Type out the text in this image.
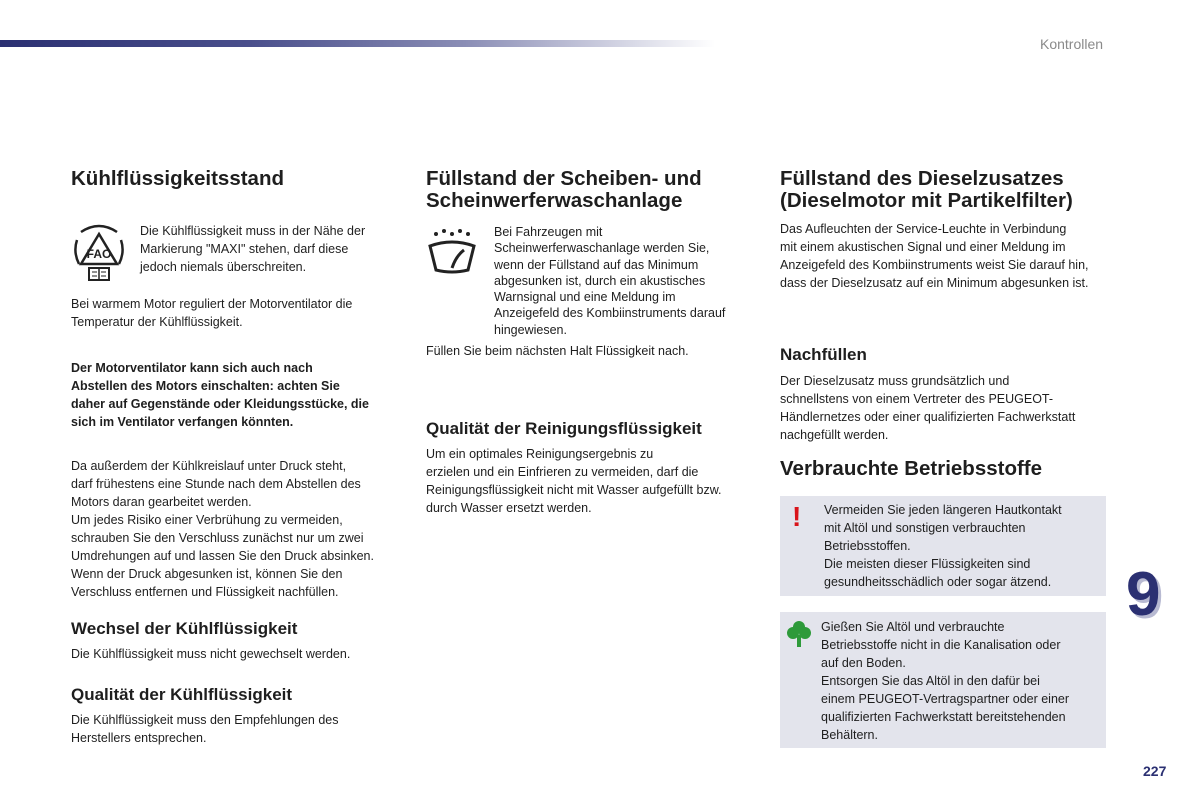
Kontrollen
Kühlflüssigkeitsstand
FAO

Die Kühlflüssigkeit muss in der Nähe der

Markierung "MAXI" stehen, darf diese

jedoch niemals überschreiten.

Bei warmem Motor reguliert der Motorventilator die

Temperatur der Kühlflüssigkeit.

Der Motorventilator kann sich auch nach

Abstellen des Motors einschalten: achten Sie

daher auf Gegenstände oder Kleidungsstücke, die

sich im Ventilator verfangen könnten.

Da außerdem der Kühlkreislauf unter Druck steht,

darf frühestens eine Stunde nach dem Abstellen des

Motors daran gearbeitet werden.

Um jedes Risiko einer Verbrühung zu vermeiden,

schrauben Sie den Verschluss zunächst nur um zwei

Umdrehungen auf und lassen Sie den Druck absinken.

Wenn der Druck abgesunken ist, können Sie den

Verschluss entfernen und Flüssigkeit nachfüllen.

Wechsel der Kühlflüssigkeit

Die Kühlflüssigkeit muss nicht gewechselt werden.

Qualität der Kühlflüssigkeit

Die Kühlflüssigkeit muss den Empfehlungen des

Herstellers entsprechen.

Füllstand der Scheiben- und
Scheinwerferwaschanlage

Bei Fahrzeugen mit

Scheinwerferwaschanlage werden Sie,

wenn der Füllstand auf das Minimum

abgesunken ist, durch ein akustisches

Warnsignal und eine Meldung im

Anzeigefeld des Kombiinstruments darauf

hingewiesen.

Füllen Sie beim nächsten Halt Flüssigkeit nach.

Qualität der Reinigungsflüssigkeit

Um ein optimales Reinigungsergebnis zu

erzielen und ein Einfrieren zu vermeiden, darf die

Reinigungsflüssigkeit nicht mit Wasser aufgefüllt bzw.

durch Wasser ersetzt werden.

Füllstand des Dieselzusatzes
(Dieselmotor mit Partikelfilter)

Das Aufleuchten der Service-Leuchte in Verbindung

mit einem akustischen Signal und einer Meldung im

Anzeigefeld des Kombiinstruments weist Sie darauf hin,

dass der Dieselzusatz auf ein Minimum abgesunken ist.

Nachfüllen

Der Dieselzusatz muss grundsätzlich und

schnellstens von einem Vertreter des PEUGEOT-

Händlernetzes oder einer qualifizierten Fachwerkstatt

nachgefüllt werden.

Verbrauchte Betriebsstoffe
! Vermeiden Sie jeden längeren Hautkontakt

mit Altöl und sonstigen verbrauchten

Betriebsstoffen.

Die meisten dieser Flüssigkeiten sind

gesundheitsschädlich oder sogar ätzend.

Gießen Sie Altöl und verbrauchte

Betriebsstoffe nicht in die Kanalisation oder

auf den Boden.

Entsorgen Sie das Altöl in den dafür bei

einem PEUGEOT-Vertragspartner oder einer

qualifizierten Fachwerkstatt bereitstehenden

Behältern.

9
227
